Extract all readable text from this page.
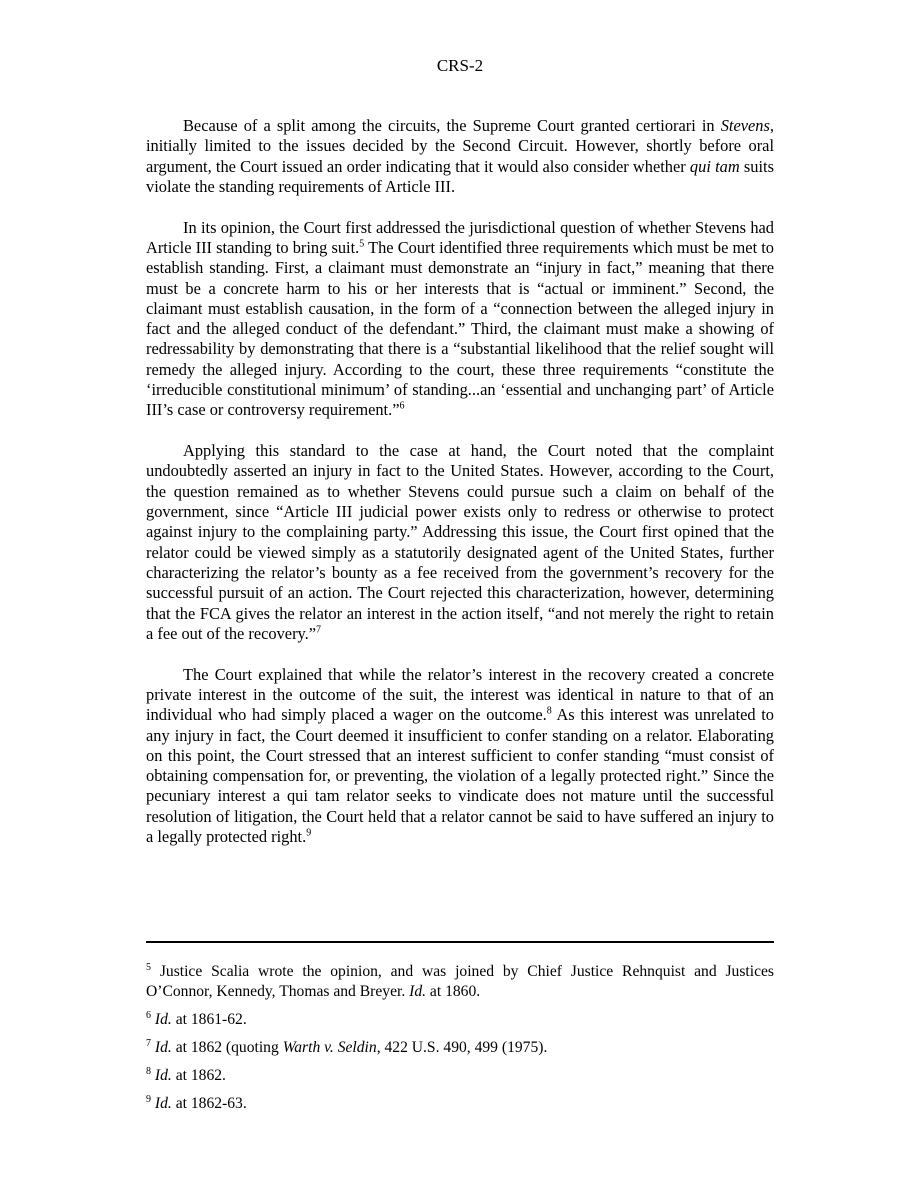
CRS-2

Because of a split among the circuits, the Supreme Court granted certiorari in Stevens, initially limited to the issues decided by the Second Circuit. However, shortly before oral argument, the Court issued an order indicating that it would also consider whether qui tam suits violate the standing requirements of Article III.

In its opinion, the Court first addressed the jurisdictional question of whether Stevens had Article III standing to bring suit.$^5$ The Court identified three requirements which must be met to establish standing. First, a claimant must demonstrate an “injury in fact,” meaning that there must be a concrete harm to his or her interests that is “actual or imminent.” Second, the claimant must establish causation, in the form of a “connection between the alleged injury in fact and the alleged conduct of the defendant.” Third, the claimant must make a showing of redressability by demonstrating that there is a “substantial likelihood that the relief sought will remedy the alleged injury. According to the court, these three requirements “constitute the ‘irreducible constitutional minimum’ of standing...an ‘essential and unchanging part’ of Article III’s case or controversy requirement.”$^6$

Applying this standard to the case at hand, the Court noted that the complaint undoubtedly asserted an injury in fact to the United States. However, according to the Court, the question remained as to whether Stevens could pursue such a claim on behalf of the government, since “Article III judicial power exists only to redress or otherwise to protect against injury to the complaining party.” Addressing this issue, the Court first opined that the relator could be viewed simply as a statutorily designated agent of the United States, further characterizing the relator’s bounty as a fee received from the government’s recovery for the successful pursuit of an action. The Court rejected this characterization, however, determining that the FCA gives the relator an interest in the action itself, “and not merely the right to retain a fee out of the recovery.”$^7$

The Court explained that while the relator’s interest in the recovery created a concrete private interest in the outcome of the suit, the interest was identical in nature to that of an individual who had simply placed a wager on the outcome.$^8$ As this interest was unrelated to any injury in fact, the Court deemed it insufficient to confer standing on a relator. Elaborating on this point, the Court stressed that an interest sufficient to confer standing “must consist of obtaining compensation for, or preventing, the violation of a legally protected right.” Since the pecuniary interest a qui tam relator seeks to vindicate does not mature until the successful resolution of litigation, the Court held that a relator cannot be said to have suffered an injury to a legally protected right.$^9$

$^5$ Justice Scalia wrote the opinion, and was joined by Chief Justice Rehnquist and Justices O’Connor, Kennedy, Thomas and Breyer. Id. at 1860.

$^6$ Id. at 1861-62.

$^7$ Id. at 1862 (quoting Warth v. Seldin, 422 U.S. 490, 499 (1975).

$^8$ Id. at 1862.

$^9$ Id. at 1862-63.
